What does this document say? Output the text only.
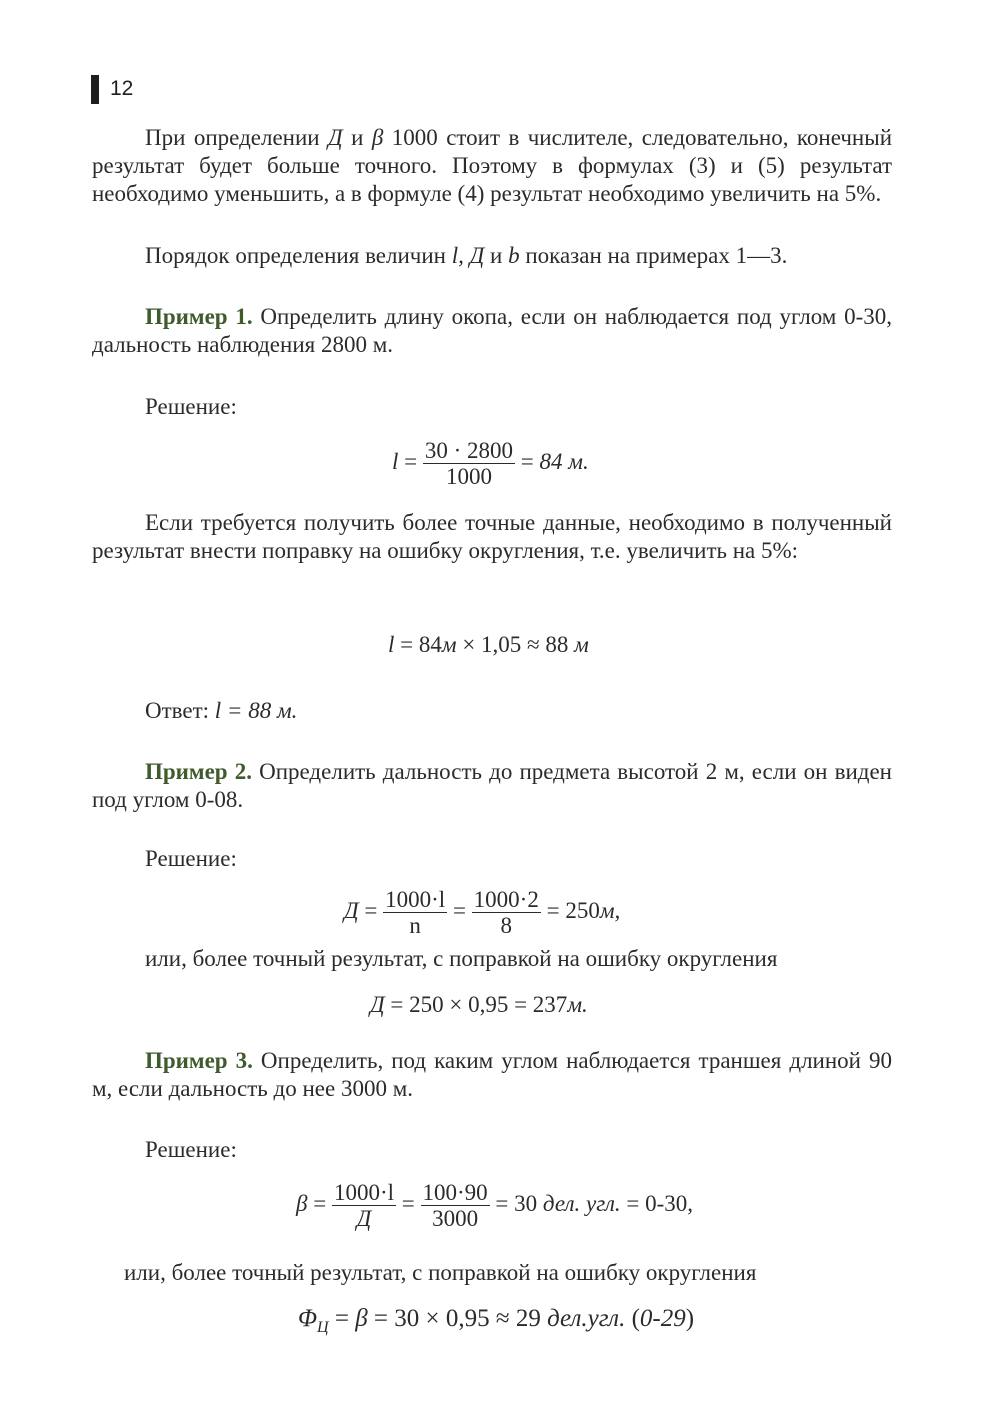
12
При определении Д и β 1000 стоит в числителе, следовательно, конечный результат будет больше точного. Поэтому в формулах (3) и (5) результат необходимо уменьшить, а в формуле (4) результат необходимо увеличить на 5%.
Порядок определения величин l, Д и b показан на примерах 1—3.
Пример 1. Определить длину окопа, если он наблюдается под углом 0-30, дальность наблюдения 2800 м.
Решение:
$l = \frac{30 \cdot 2800}{1000} = 84$ м.
Если требуется получить более точные данные, необходимо в полученный результат внести поправку на ошибку округления, т.е. увеличить на 5%:
l = 84м × 1,05 ≈ 88 м
Ответ: l = 88 м.
Пример 2. Определить дальность до предмета высотой 2 м, если он виден под углом 0-08.
Решение:
$Д = \frac{1000\cdot l}{n} = \frac{1000\cdot 2}{8} = 250м$,
или, более точный результат, с поправкой на ошибку округления
Д = 250 × 0,95 = 237м.
Пример 3. Определить, под каким углом наблюдается траншея длиной 90 м, если дальность до нее 3000 м.
Решение:
$\beta = \frac{1000\cdot l}{Д} = \frac{100\cdot 90}{3000} = 30$ дел. угл. = 0-30,
или, более точный результат, с поправкой на ошибку округления
$\Phi_Ц = \beta = 30 \times 0,95 \approx 29$ дел.угл. (0-29)
